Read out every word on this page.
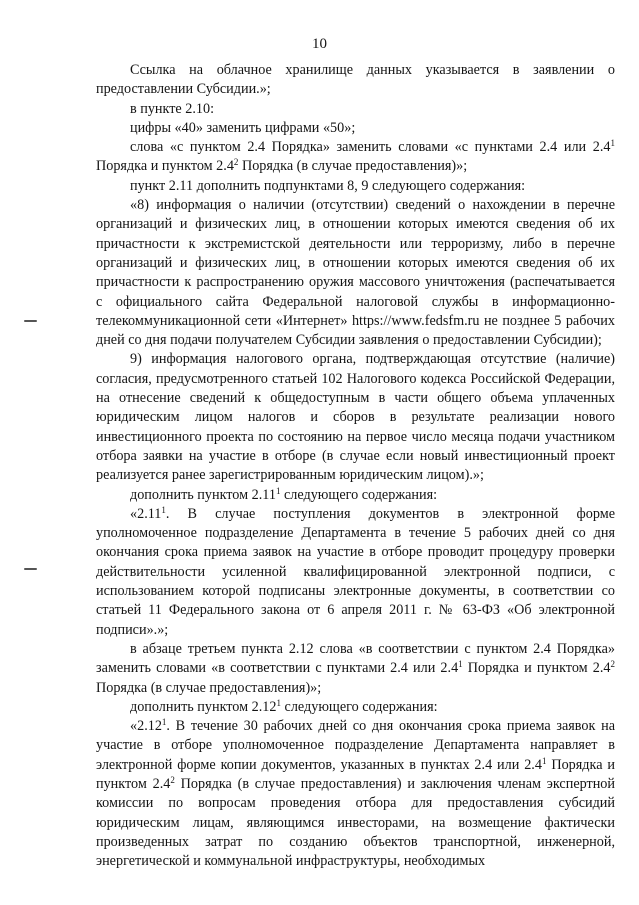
10

Ссылка на облачное хранилище данных указывается в заявлении о предоставлении Субсидии.»;

в пункте 2.10:

цифры «40» заменить цифрами «50»;

слова «с пунктом 2.4 Порядка» заменить словами «с пунктами 2.4 или $2.4^1$ Порядка и пунктом $2.4^2$ Порядка (в случае предоставления)»;

пункт 2.11 дополнить подпунктами 8, 9 следующего содержания:

«8) информация о наличии (отсутствии) сведений о нахождении в перечне организаций и физических лиц, в отношении которых имеются сведения об их причастности к экстремистской деятельности или терроризму, либо в перечне организаций и физических лиц, в отношении которых имеются сведения об их причастности к распространению оружия массового уничтожения (распечатывается с официального сайта Федеральной налоговой службы в информационно-телекоммуникационной сети «Интернет» https://www.fedsfm.ru не позднее 5 рабочих дней со дня подачи получателем Субсидии заявления о предоставлении Субсидии);

9) информация налогового органа, подтверждающая отсутствие (наличие) согласия, предусмотренного статьей 102 Налогового кодекса Российской Федерации, на отнесение сведений к общедоступным в части общего объема уплаченных юридическим лицом налогов и сборов в результате реализации нового инвестиционного проекта по состоянию на первое число месяца подачи участником отбора заявки на участие в отборе (в случае если новый инвестиционный проект реализуется ранее зарегистрированным юридическим лицом).»;

дополнить пунктом 2.11$^1$ следующего содержания:

«2.11$^1$. В случае поступления документов в электронной форме уполномоченное подразделение Департамента в течение 5 рабочих дней со дня окончания срока приема заявок на участие в отборе проводит процедуру проверки действительности усиленной квалифицированной электронной подписи, с использованием которой подписаны электронные документы, в соответствии со статьей 11 Федерального закона от 6 апреля 2011 г. № 63-ФЗ «Об электронной подписи».»;

в абзаце третьем пункта 2.12 слова «в соответствии с пунктом 2.4 Порядка» заменить словами «в соответствии с пунктами 2.4 или $2.4^1$ Порядка и пунктом $2.4^2$ Порядка (в случае предоставления)»;

дополнить пунктом 2.12$^1$ следующего содержания:

«2.12$^1$. В течение 30 рабочих дней со дня окончания срока приема заявок на участие в отборе уполномоченное подразделение Департамента направляет в электронной форме копии документов, указанных в пунктах 2.4 или $2.4^1$ Порядка и пунктом $2.4^2$ Порядка (в случае предоставления) и заключения членам экспертной комиссии по вопросам проведения отбора для предоставления субсидий юридическим лицам, являющимся инвесторами, на возмещение фактически произведенных затрат по созданию объектов транспортной, инженерной, энергетической и коммунальной инфраструктуры, необходимых
